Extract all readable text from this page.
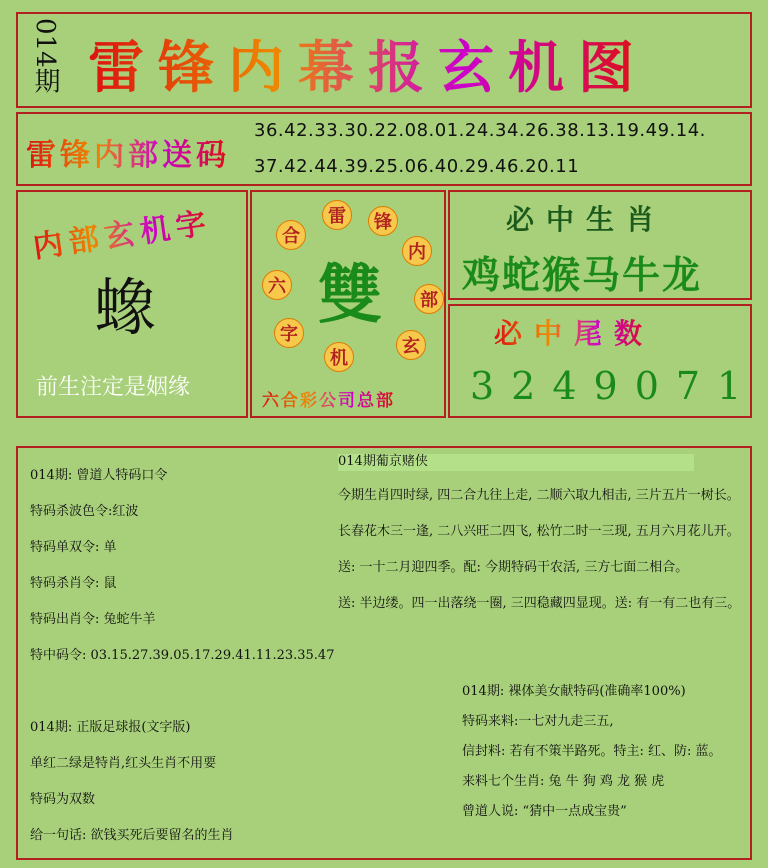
014期 雷锋内幕报玄机图
雷锋内部送码
36.42.33.30.22.08.01.24.34.26.38.13.19.49.14.
37.42.44.39.25.06.40.29.46.20.11
内部玄机字
蟓
前生注定是姻缘
雷	锋
内
部
玄
机
字
六
合
雙
六合彩公司总部
必中生肖
鸡蛇猴马牛龙
必中尾数
3249071
014期: 曾道人特码口令
特码杀波色令:红波
特码单双令: 单
特码杀肖令: 鼠
特码出肖令: 兔蛇牛羊
特中码令: 03.15.27.39.05.17.29.41.11.23.35.47
014期: 正版足球报(文字版)
单红二绿是特肖,红头生肖不用要
特码为双数
给一句话: 欲钱买死后要留名的生肖
014期葡京赌侠
今期生肖四时绿, 四二合九往上走, 二顺六取九相击, 三片五片一树长。
长春花木三一逢, 二八兴旺二四飞, 松竹二时一三现, 五月六月花儿开。
送: 一十二月迎四季。配: 今期特码干农活, 三方七面二相合。
送: 半边缕。四一出落绕一圈, 三四稳藏四显现。送: 有一有二也有三。
014期: 裸体美女献特码(准确率100%)
特码来料:一七对九走三五,
信封料: 若有不策半路死。特主: 红、防: 蓝。
来料七个生肖: 兔 牛 狗 鸡 龙 猴 虎
曾道人说: “猜中一点成宝贵”
